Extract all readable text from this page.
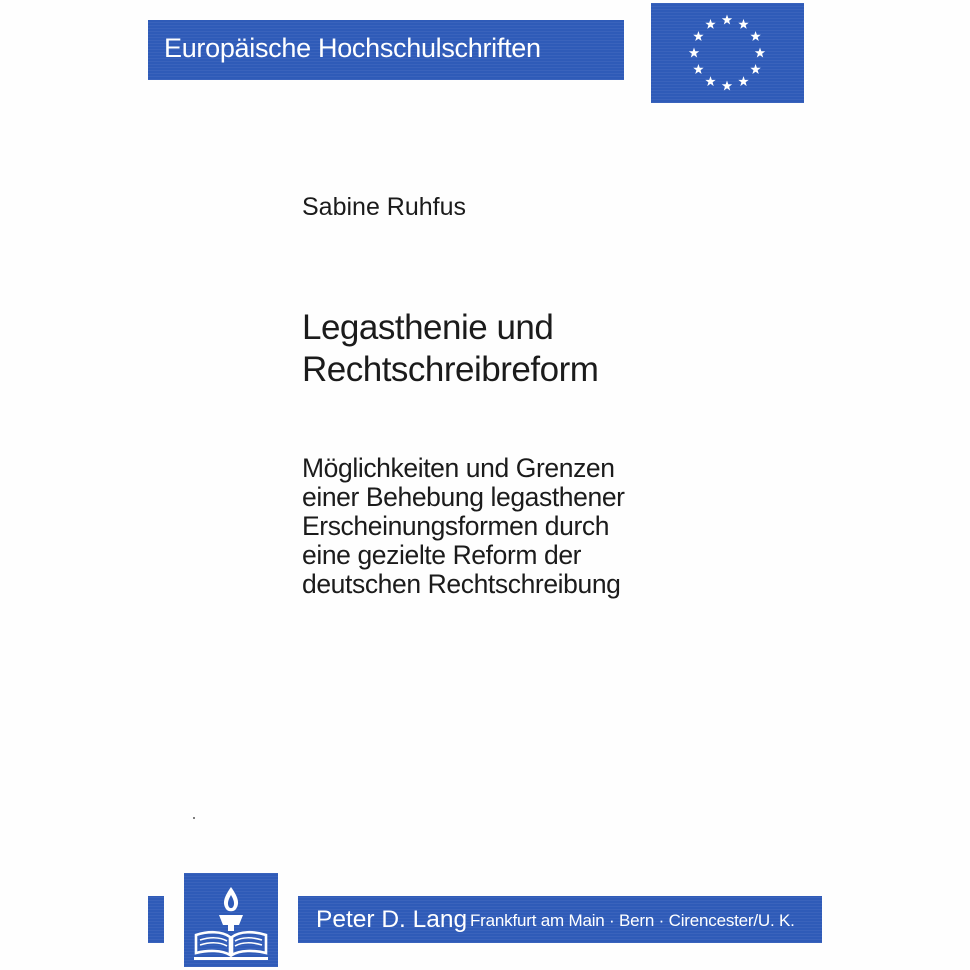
Europäische Hochschulschriften
Sabine Ruhfus
Legasthenie und
Rechtschreibreform
Möglichkeiten und Grenzen
einer Behebung legasthener
Erscheinungsformen durch
eine gezielte Reform der
deutschen Rechtschreibung
Peter D. Lang Frankfurt am Main · Bern · Cirencester/U. K.
